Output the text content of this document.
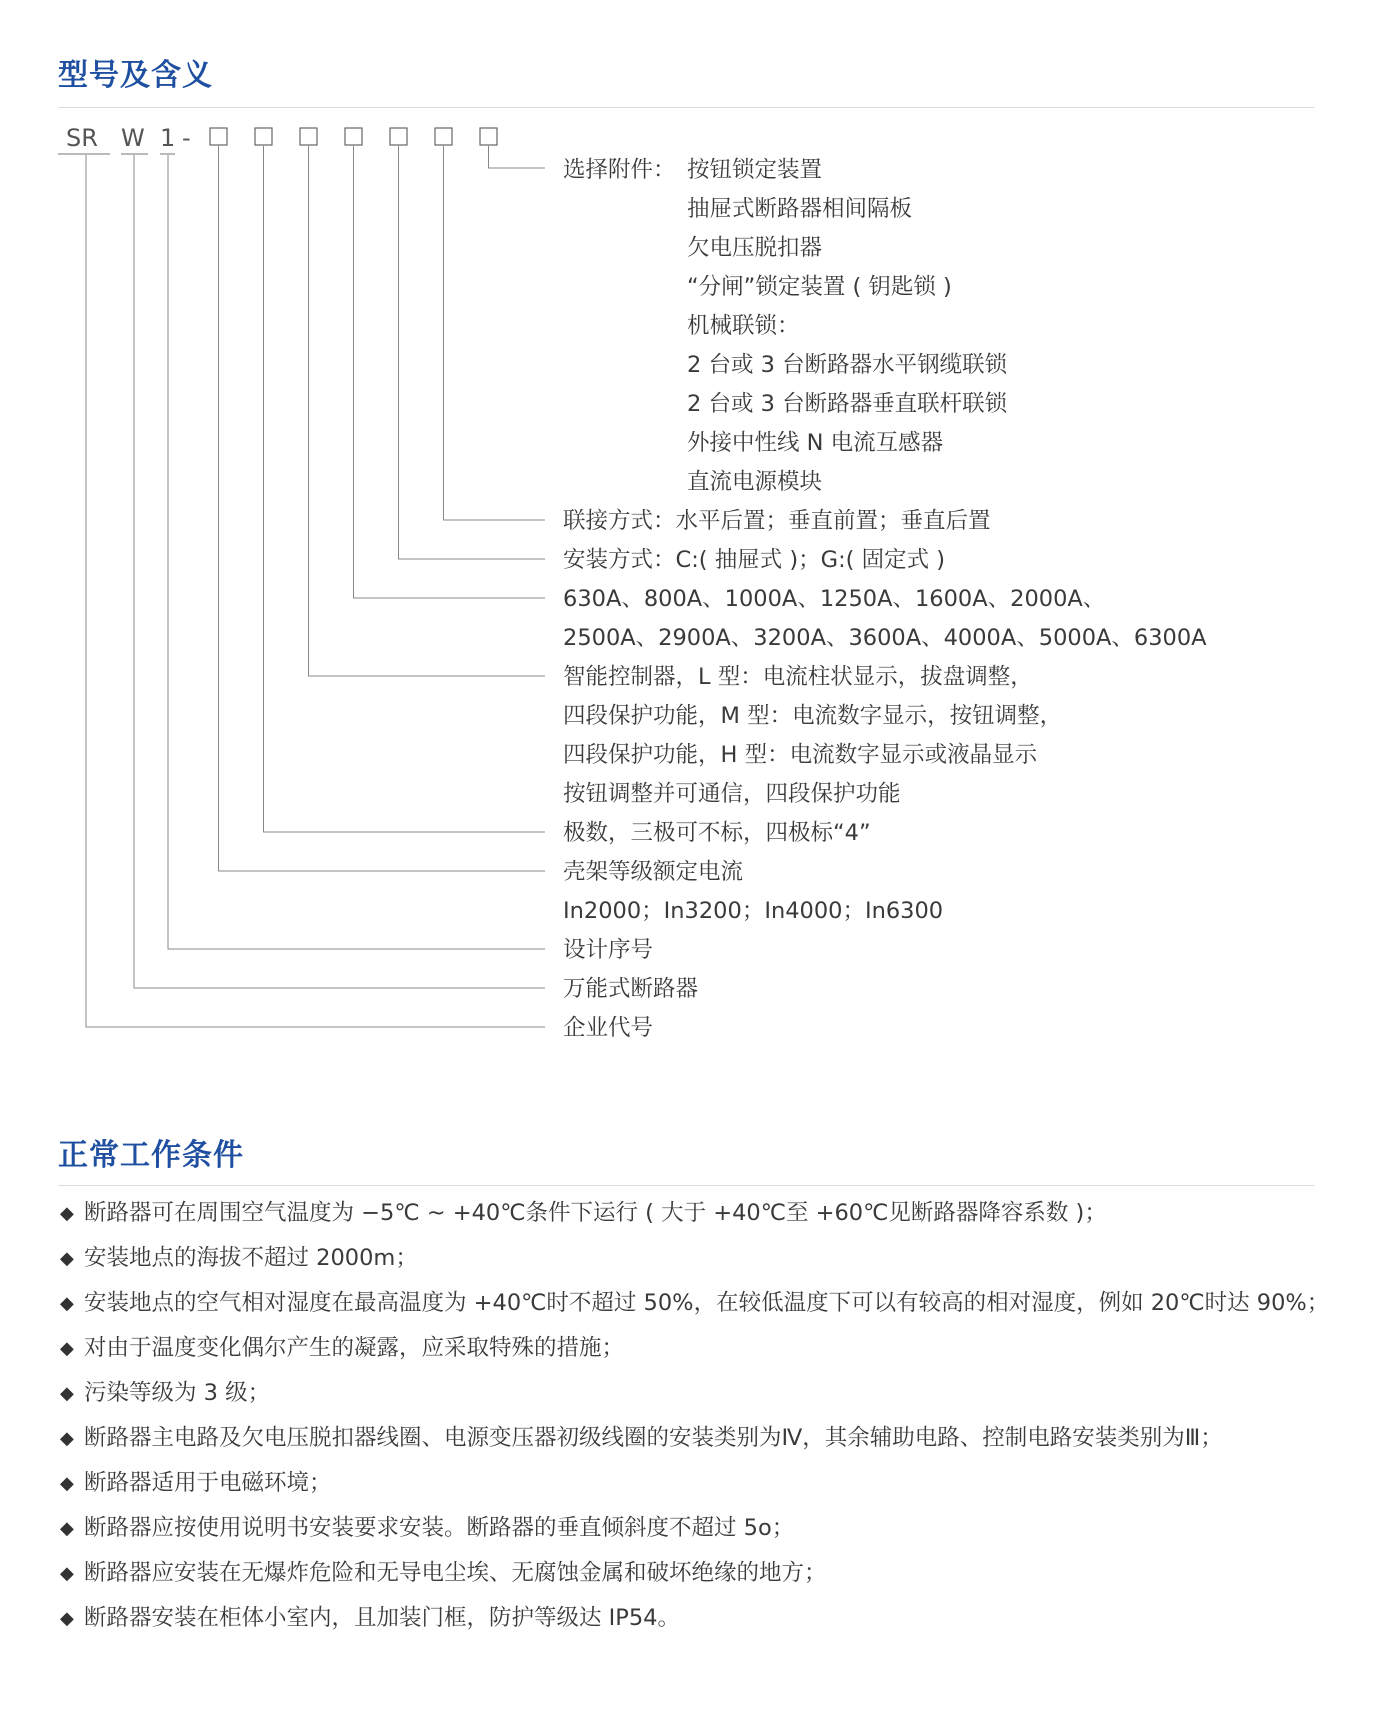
型号及含义
SR W 1 -
选择附件： 按钮锁定装置
抽屉式断路器相间隔板
欠电压脱扣器
“分闸”锁定装置 ( 钥匙锁 )
机械联锁：
2 台或 3 台断路器水平钢缆联锁
2 台或 3 台断路器垂直联杆联锁
外接中性线 N 电流互感器
直流电源模块
联接方式：水平后置；垂直前置；垂直后置
安装方式：C:( 抽屉式 )；G:( 固定式 )
630A、800A、1000A、1250A、1600A、2000A、
2500A、2900A、3200A、3600A、4000A、5000A、6300A
智能控制器，L 型：电流柱状显示，拔盘调整，
四段保护功能，M 型：电流数字显示，按钮调整，
四段保护功能，H 型：电流数字显示或液晶显示
按钮调整并可通信，四段保护功能
极数，三极可不标，四极标“4”
壳架等级额定电流
In2000；In3200；In4000；In6300
设计序号
万能式断路器
企业代号
正常工作条件
◆ 断路器可在周围空气温度为 −5℃ ~ +40℃条件下运行 ( 大于 +40℃至 +60℃见断路器降容系数 )；
◆ 安装地点的海拔不超过 2000m；
◆ 安装地点的空气相对湿度在最高温度为 +40℃时不超过 50%，在较低温度下可以有较高的相对湿度，例如 20℃时达 90%；
◆ 对由于温度变化偶尔产生的凝露，应采取特殊的措施；
◆ 污染等级为 3 级；
◆ 断路器主电路及欠电压脱扣器线圈、电源变压器初级线圈的安装类别为Ⅳ，其余辅助电路、控制电路安装类别为Ⅲ；
◆ 断路器适用于电磁环境；
◆ 断路器应按使用说明书安装要求安装。断路器的垂直倾斜度不超过 5o；
◆ 断路器应安装在无爆炸危险和无导电尘埃、无腐蚀金属和破坏绝缘的地方；
◆ 断路器安装在柜体小室内，且加装门框，防护等级达 IP54。
